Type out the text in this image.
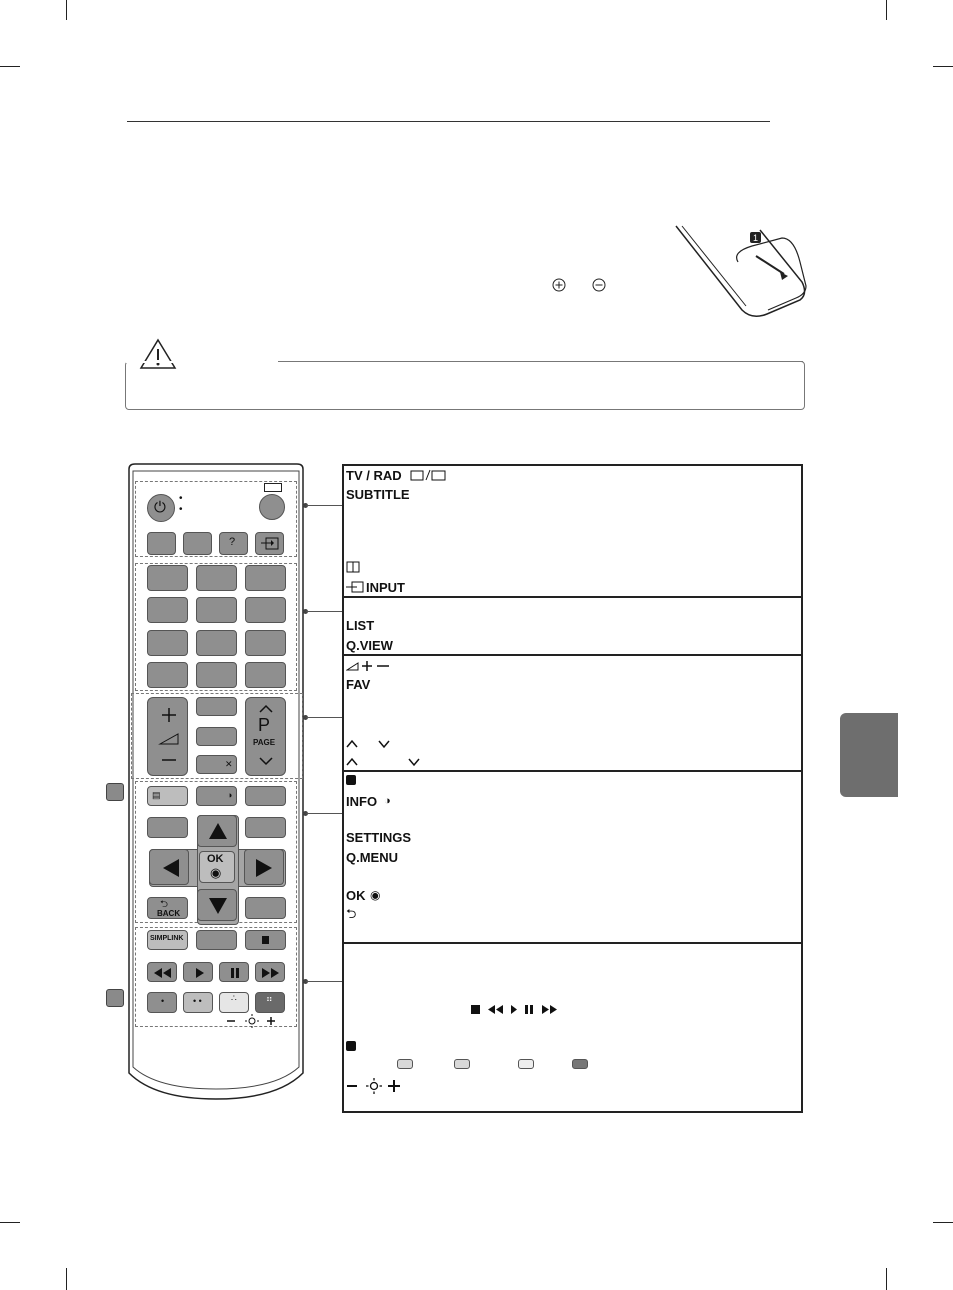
1
⏻
•
•
?
✕
P
PAGE
▤	◑
OK
◉
⮌
BACK
SIMPLINK
•	• •	∴	⠛
TV / RAD
SUBTITLE
INPUT
LIST
Q.VIEW
FAV
INFO ◑
SETTINGS
Q.MENU
OK ◉
⮌
